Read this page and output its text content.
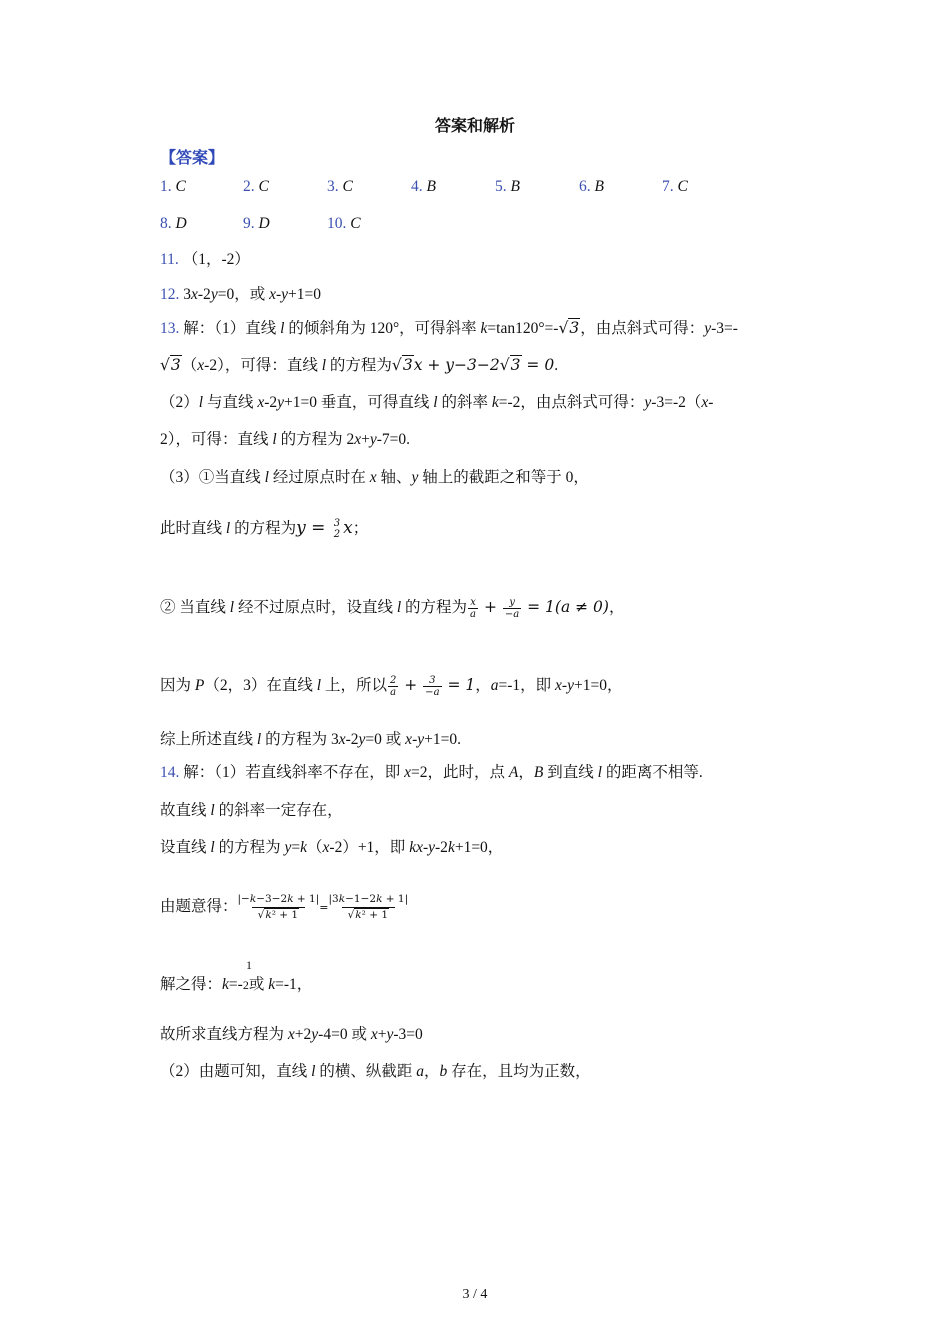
答案和解析
【答案】
1. C	2. C	3. C	4. B	5. B	6. B	7. C
8. D	9. D	10. C
11. （1，-2）
12. 3x-2y=0，或 x-y+1=0
13. 解：（1）直线 l 的倾斜角为 120°，可得斜率 k=tan120°=-√3，由点斜式可得：y-3=-
√3（x-2），可得：直线 l 的方程为√3x + y−3−2√3 = 0.
（2）l 与直线 x-2y+1=0 垂直，可得直线 l 的斜率 k=-2，由点斜式可得：y-3=-2（x-
2），可得：直线 l 的方程为 2x+y-7=0.
（3）①当直线 l 经过原点时在 x 轴、y 轴上的截距之和等于 0，
此时直线 l 的方程为y = 3
2 x；
② 当直线 l 经不过原点时，设直线 l 的方程为 $\frac{x}{a} + \frac{y}{-a} = 1(a \ne 0)$，
因为 P（2，3）在直线 l 上，所以 $\frac{2}{a} + \frac{3}{-a} = 1$，a=-1，即 x-y+1=0，
综上所述直线 l 的方程为 3x-2y=0 或 x-y+1=0.
14. 解：（1）若直线斜率不存在，即 x=2，此时，点 A，B 到直线 l 的距离不相等.
故直线 l 的斜率一定存在，
设直线 l 的方程为 y=k（x-2）+1，即 kx-y-2k+1=0，
由题意得： $\frac{|-k-3-2k + 1|}{\text{√k² + 1}} = \frac{|3k-1-2k + 1|}{\text{√k² + 1}}$
1
解之得：k=-2或 k=-1，
故所求直线方程为 x+2y-4=0 或 x+y-3=0
（2）由题可知，直线 l 的横、纵截距 a，b 存在，且均为正数，
3 / 4
